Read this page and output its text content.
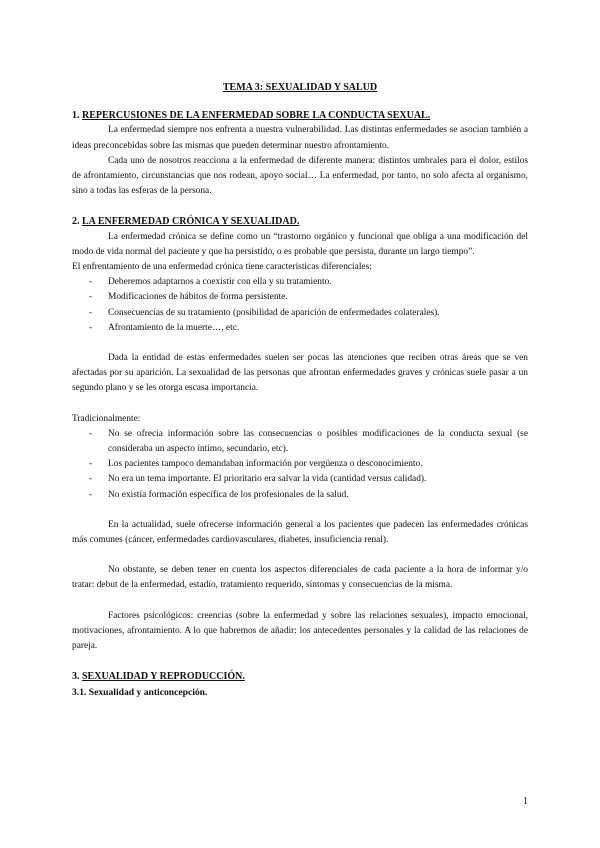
TEMA 3: SEXUALIDAD Y SALUD
1. REPERCUSIONES DE LA ENFERMEDAD SOBRE LA CONDUCTA SEXUAL.

La enfermedad siempre nos enfrenta a nuestra vulnerabilidad. Las distintas enfermedades se asocian también a ideas preconcebidas sobre las mismas que pueden determinar nuestro afrontamiento.

Cada uno de nosotros reacciona a la enfermedad de diferente manera: distintos umbrales para el dolor, estilos de afrontamiento, circunstancias que nos rodean, apoyo social… La enfermedad, por tanto, no solo afecta al organismo, sino a todas las esferas de la persona.

2. LA ENFERMEDAD CRÓNICA Y SEXUALIDAD.

La enfermedad crónica se define como un “trastorno orgánico y funcional que obliga a una modificación del modo de vida normal del paciente y que ha persistido, o es probable que persista, durante un largo tiempo”.

El enfrentamiento de una enfermedad crónica tiene características diferenciales:

- Deberemos adaptarnos a coexistir con ella y su tratamiento.
- Modificaciones de hábitos de forma persistente.
- Consecuencias de su tratamiento (posibilidad de aparición de enfermedades colaterales).
- Afrontamiento de la muerte…, etc.

Dada la entidad de estas enfermedades suelen ser pocas las atenciones que reciben otras áreas que se ven afectadas por su aparición. La sexualidad de las personas que afrontan enfermedades graves y crónicas suele pasar a un segundo plano y se les otorga escasa importancia.

Tradicionalmente:

- No se ofrecía información sobre las consecuencias o posibles modificaciones de la conducta sexual (se consideraba un aspecto íntimo, secundario, etc).
- Los pacientes tampoco demandaban información por vergüenza o desconocimiento.
- No era un tema importante. El prioritario era salvar la vida (cantidad versus calidad).
- No existía formación específica de los profesionales de la salud.

En la actualidad, suele ofrecerse información general a los pacientes que padecen las enfermedades crónicas más comunes (cáncer, enfermedades cardiovasculares, diabetes, insuficiencia renal).

No obstante, se deben tener en cuenta los aspectos diferenciales de cada paciente a la hora de informar y/o tratar: debut de la enfermedad, estadío, tratamiento requerido, síntomas y consecuencias de la misma.

Factores psicológicos: creencias (sobre la enfermedad y sobre las relaciones sexuales), impacto emocional, motivaciones, afrontamiento. A lo que habremos de añadir: los antecedentes personales y la calidad de las relaciones de pareja.

3. SEXUALIDAD Y REPRODUCCIÓN.
3.1. Sexualidad y anticoncepción.
1
